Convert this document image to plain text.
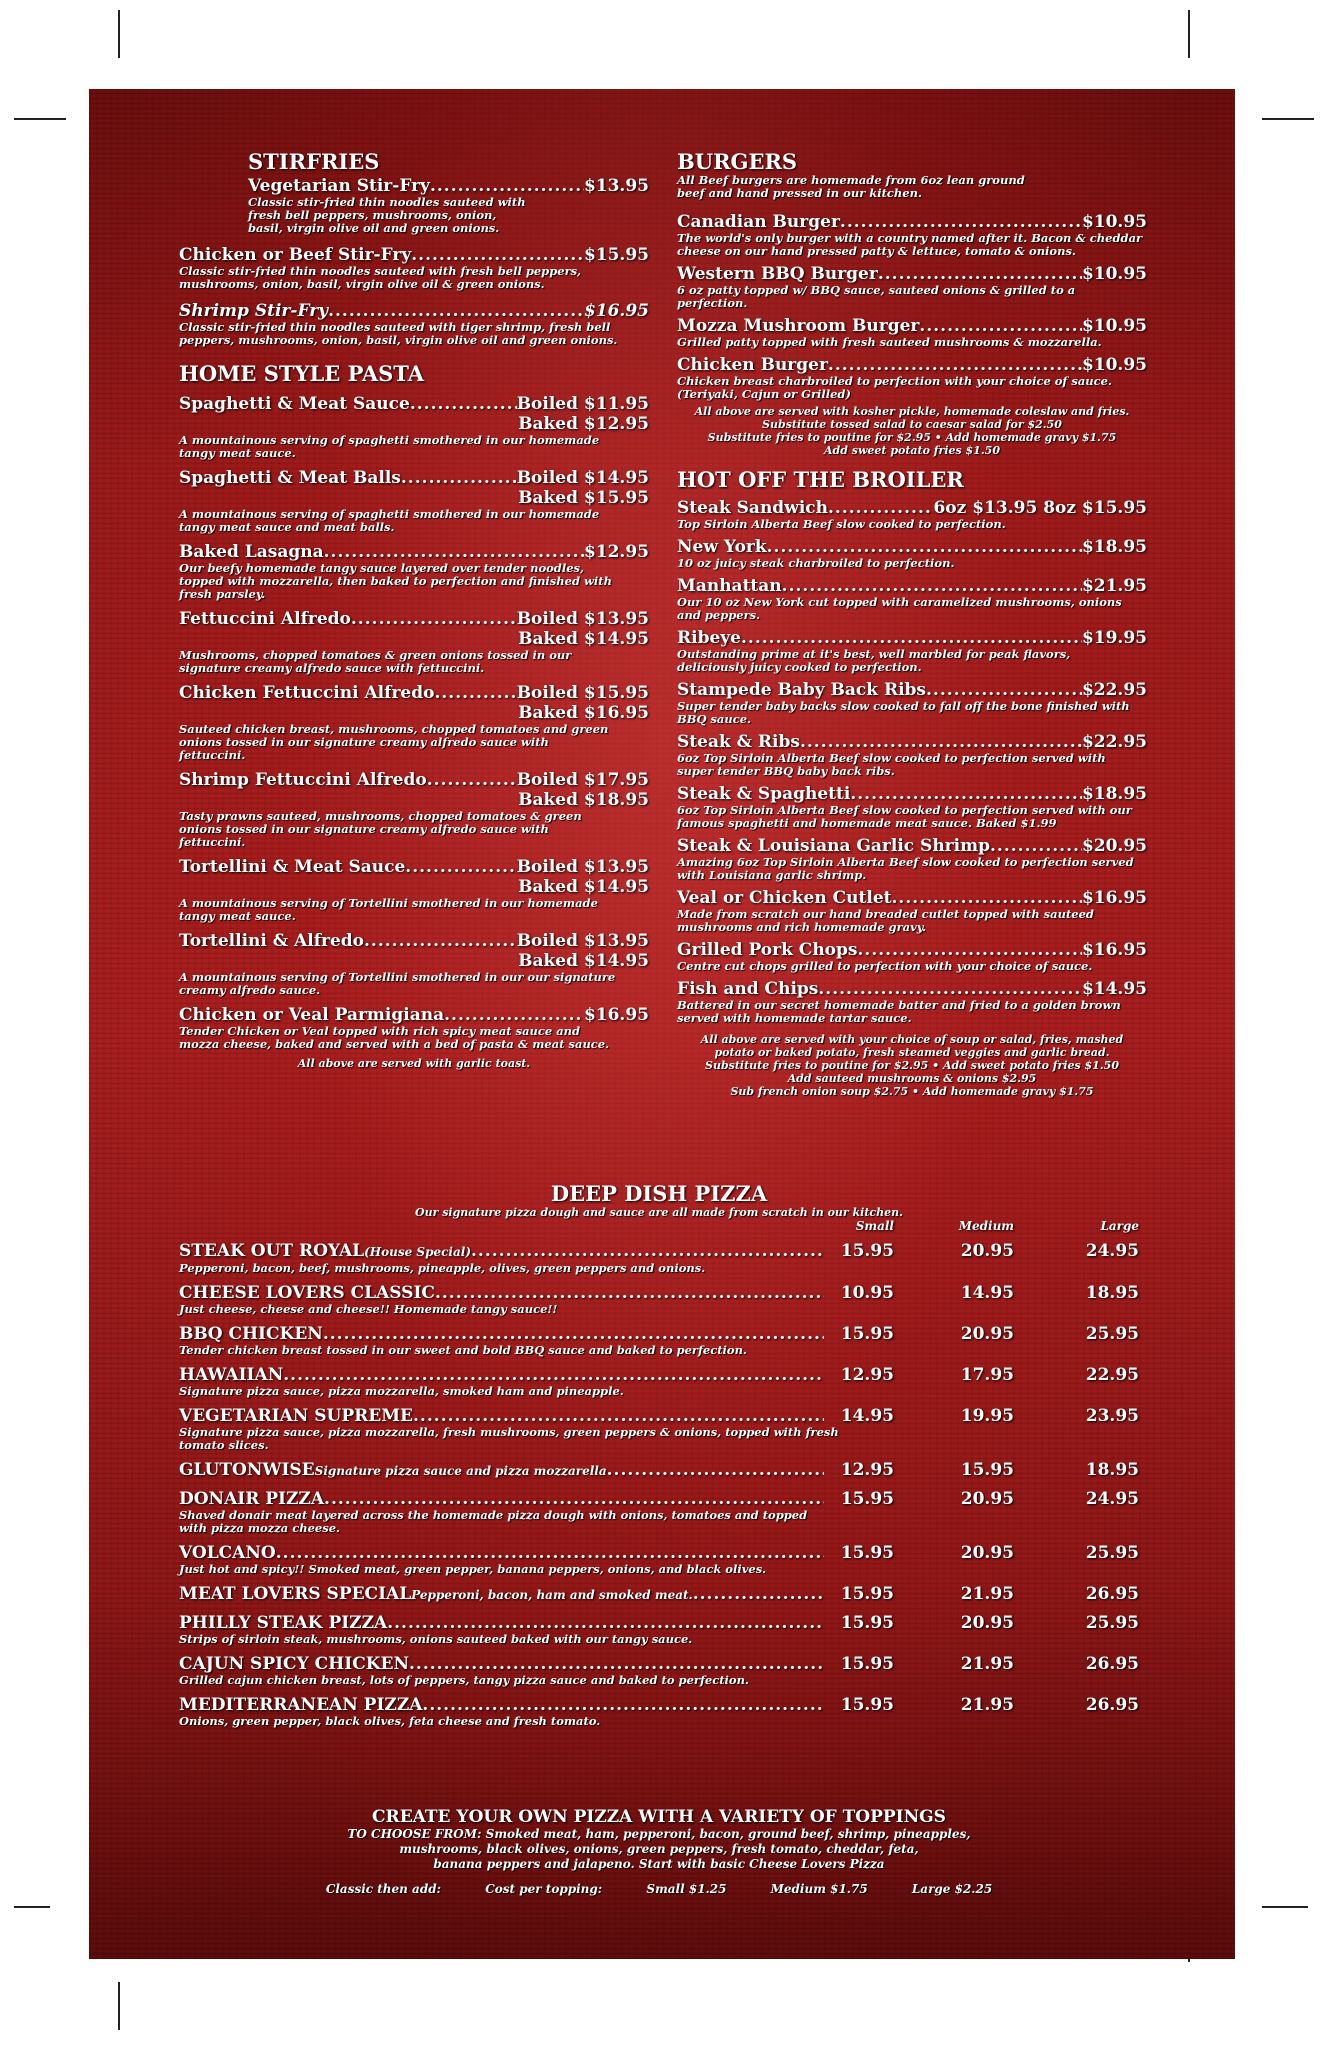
STIRFRIES
Vegetarian Stir-Fry .....	$13.95
Classic stir-fried thin noodles sauteed with fresh bell peppers, mushrooms, onion, basil, virgin olive oil and green onions.
Chicken or Beef Stir-Fry .....	$15.95
Classic stir-fried thin noodles sauteed with fresh bell peppers, mushrooms, onion, basil, virgin olive oil & green onions.
Shrimp Stir-Fry .....	$16.95
Classic stir-fried thin noodles sauteed with tiger shrimp, fresh bell peppers, mushrooms, onion, basil, virgin olive oil and green onions.
HOME STYLE PASTA
Spaghetti & Meat Sauce .....	Boiled $11.95
Baked $12.95
A mountainous serving of spaghetti smothered in our homemade tangy meat sauce.
Spaghetti & Meat Balls .....	Boiled $14.95
Baked $15.95
A mountainous serving of spaghetti smothered in our homemade tangy meat sauce and meat balls.
Baked Lasagna .....	$12.95
Our beefy homemade tangy sauce layered over tender noodles, topped with mozzarella, then baked to perfection and finished with fresh parsley.
Fettuccini Alfredo .....	Boiled $13.95
Baked $14.95
Mushrooms, chopped tomatoes & green onions tossed in our signature creamy alfredo sauce with fettuccini.
Chicken Fettuccini Alfredo .....	Boiled $15.95
Baked $16.95
Sauteed chicken breast, mushrooms, chopped tomatoes and green onions tossed in our signature creamy alfredo sauce with fettuccini.
Shrimp Fettuccini Alfredo .....	Boiled $17.95
Baked $18.95
Tasty prawns sauteed, mushrooms, chopped tomatoes & green onions tossed in our signature creamy alfredo sauce with fettuccini.
Tortellini & Meat Sauce .....	Boiled $13.95
Baked $14.95
A mountainous serving of Tortellini smothered in our homemade tangy meat sauce.
Tortellini & Alfredo .....	Boiled $13.95
Baked $14.95
A mountainous serving of Tortellini smothered in our our signature creamy alfredo sauce.
Chicken or Veal Parmigiana .....	$16.95
Tender Chicken or Veal topped with rich spicy meat sauce and mozza cheese, baked and served with a bed of pasta & meat sauce.
All above are served with garlic toast.
BURGERS
All Beef burgers are homemade from 6oz lean ground beef and hand pressed in our kitchen.
Canadian Burger .....	$10.95
The world's only burger with a country named after it. Bacon & cheddar cheese on our hand pressed patty & lettuce, tomato & onions.
Western BBQ Burger .....	$10.95
6 oz patty topped w/ BBQ sauce, sauteed onions & grilled to a perfection.
Mozza Mushroom Burger .....	$10.95
Grilled patty topped with fresh sauteed mushrooms & mozzarella.
Chicken Burger .....	$10.95
Chicken breast charbroiled to perfection with your choice of sauce. (Teriyaki, Cajun or Grilled)
All above are served with kosher pickle, homemade coleslaw and fries.
Substitute tossed salad to caesar salad for $2.50
Substitute fries to poutine for $2.95 • Add homemade gravy $1.75
Add sweet potato fries $1.50
HOT OFF THE BROILER
Steak Sandwich .....	6oz $13.95 8oz $15.95
Top Sirloin Alberta Beef slow cooked to perfection.
New York .....	$18.95
10 oz juicy steak charbroiled to perfection.
Manhattan .....	$21.95
Our 10 oz New York cut topped with caramelized mushrooms, onions and peppers.
Ribeye .....	$19.95
Outstanding prime at it's best, well marbled for peak flavors, deliciously juicy cooked to perfection.
Stampede Baby Back Ribs .....	$22.95
Super tender baby backs slow cooked to fall off the bone finished with BBQ sauce.
Steak & Ribs .....	$22.95
6oz Top Sirloin Alberta Beef slow cooked to perfection served with super tender BBQ baby back ribs.
Steak & Spaghetti .....	$18.95
6oz Top Sirloin Alberta Beef slow cooked to perfection served with our famous spaghetti and homemade meat sauce. Baked $1.99
Steak & Louisiana Garlic Shrimp .....	$20.95
Amazing 6oz Top Sirloin Alberta Beef slow cooked to perfection served with Louisiana garlic shrimp.
Veal or Chicken Cutlet .....	$16.95
Made from scratch our hand breaded cutlet topped with sauteed mushrooms and rich homemade gravy.
Grilled Pork Chops .....	$16.95
Centre cut chops grilled to perfection with your choice of sauce.
Fish and Chips .....	$14.95
Battered in our secret homemade batter and fried to a golden brown served with homemade tartar sauce.
All above are served with your choice of soup or salad, fries, mashed potato or baked potato, fresh steamed veggies and garlic bread.
Substitute fries to poutine for $2.95 • Add sweet potato fries $1.50
Add sauteed mushrooms & onions $2.95
Sub french onion soup $2.75 • Add homemade gravy $1.75
DEEP DISH PIZZA
Our signature pizza dough and sauce are all made from scratch in our kitchen.
Small	Medium	Large
STEAK OUT ROYAL (House Special) .....	15.95	20.95	24.95
Pepperoni, bacon, beef, mushrooms, pineapple, olives, green peppers and onions.
CHEESE LOVERS CLASSIC .....	10.95	14.95	18.95
Just cheese, cheese and cheese!! Homemade tangy sauce!!
BBQ CHICKEN .....	15.95	20.95	25.95
Tender chicken breast tossed in our sweet and bold BBQ sauce and baked to perfection.
HAWAIIAN .....	12.95	17.95	22.95
Signature pizza sauce, pizza mozzarella, smoked ham and pineapple.
VEGETARIAN SUPREME .....	14.95	19.95	23.95
Signature pizza sauce, pizza mozzarella, fresh mushrooms, green peppers & onions, topped with fresh tomato slices.
GLUTONWISE Signature pizza sauce and pizza mozzarella .....	12.95	15.95	18.95
DONAIR PIZZA .....	15.95	20.95	24.95
Shaved donair meat layered across the homemade pizza dough with onions, tomatoes and topped with pizza mozza cheese.
VOLCANO .....	15.95	20.95	25.95
Just hot and spicy!! Smoked meat, green pepper, banana peppers, onions, and black olives.
MEAT LOVERS SPECIAL Pepperoni, bacon, ham and smoked meat. .....	15.95	21.95	26.95
PHILLY STEAK PIZZA .....	15.95	20.95	25.95
Strips of sirloin steak, mushrooms, onions sauteed baked with our tangy sauce.
CAJUN SPICY CHICKEN .....	15.95	21.95	26.95
Grilled cajun chicken breast, lots of peppers, tangy pizza sauce and baked to perfection.
MEDITERRANEAN PIZZA .....	15.95	21.95	26.95
Onions, green pepper, black olives, feta cheese and fresh tomato.
CREATE YOUR OWN PIZZA WITH A VARIETY OF TOPPINGS
TO CHOOSE FROM: Smoked meat, ham, pepperoni, bacon, ground beef, shrimp, pineapples,
mushrooms, black olives, onions, green peppers, fresh tomato, cheddar, feta,
banana peppers and jalapeno. Start with basic Cheese Lovers Pizza
Classic then add:	Cost per topping:	Small $1.25	Medium $1.75	Large $2.25
